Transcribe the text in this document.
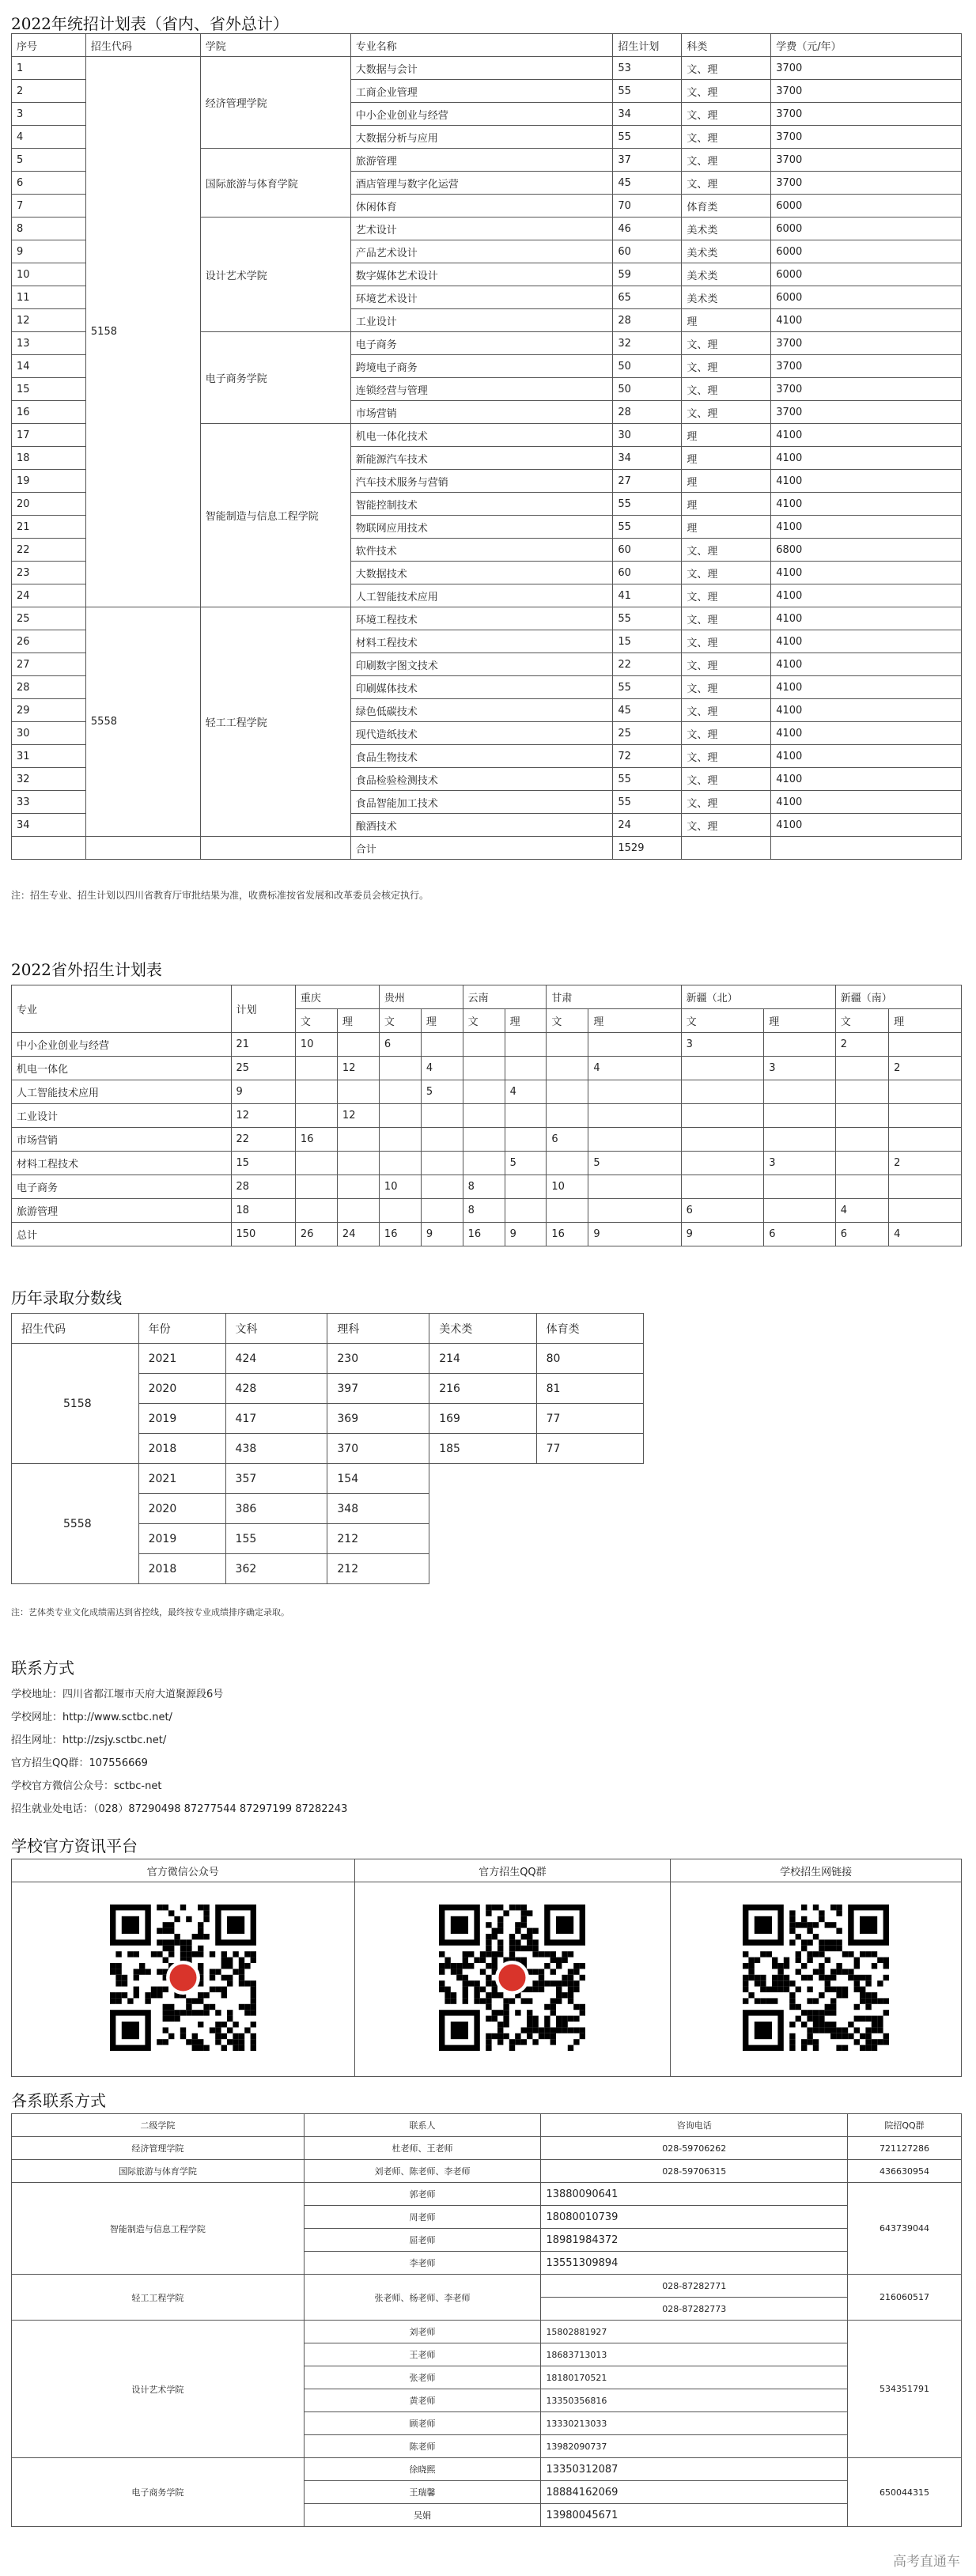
2022年统招计划表（省内、省外总计）
序号	招生代码	学院	专业名称	招生计划	科类	学费（元/年）
1	5158	经济管理学院	大数据与会计	53	文、理	3700
2			工商企业管理	55	文、理	3700
3			中小企业创业与经营	34	文、理	3700
4			大数据分析与应用	55	文、理	3700
5		国际旅游与体育学院	旅游管理	37	文、理	3700
6			酒店管理与数字化运营	45	文、理	3700
7			休闲体育	70	体育类	6000
8		设计艺术学院	艺术设计	46	美术类	6000
9			产品艺术设计	60	美术类	6000
10			数字媒体艺术设计	59	美术类	6000
11			环境艺术设计	65	美术类	6000
12			工业设计	28	理	4100
13		电子商务学院	电子商务	32	文、理	3700
14			跨境电子商务	50	文、理	3700
15			连锁经营与管理	50	文、理	3700
16			市场营销	28	文、理	3700
17		智能制造与信息工程学院	机电一体化技术	30	理	4100
18			新能源汽车技术	34	理	4100
19			汽车技术服务与营销	27	理	4100
20			智能控制技术	55	理	4100
21			物联网应用技术	55	理	4100
22			软件技术	60	文、理	6800
23			大数据技术	60	文、理	4100
24			人工智能技术应用	41	文、理	4100
25	5558	轻工工程学院	环境工程技术	55	文、理	4100
26			材料工程技术	15	文、理	4100
27			印刷数字图文技术	22	文、理	4100
28			印刷媒体技术	55	文、理	4100
29			绿色低碳技术	45	文、理	4100
30			现代造纸技术	25	文、理	4100
31			食品生物技术	72	文、理	4100
32			食品检验检测技术	55	文、理	4100
33			食品智能加工技术	55	文、理	4100
34			酿酒技术	24	文、理	4100
			合计	1529		
注：招生专业、招生计划以四川省教育厅审批结果为准，收费标准按省发展和改革委员会核定执行。
2022省外招生计划表
专业	计划	重庆		贵州		云南		甘肃		新疆（北）		新疆（南）	
		文	理	文	理	文	理	文	理	文	理	文	理
中小企业创业与经营	21	10		6						3		2	
机电一体化	25		12		4				4		3		2
人工智能技术应用	9				5		4						
工业设计	12		12										
市场营销	22	16						6					
材料工程技术	15						5		5		3		2
电子商务	28			10		8		10					
旅游管理	18					8				6		4	
总计	150	26	24	16	9	16	9	16	9	9	6	6	4
历年录取分数线
招生代码	年份	文科	理科	美术类	体育类
5158	2021	424	230	214	80
	2020	428	397	216	81
	2019	417	369	169	77
	2018	438	370	185	77
5558	2021	357	154		
	2020	386	348		
	2019	155	212		
	2018	362	212		
注：艺体类专业文化成绩需达到省控线，最终按专业成绩排序确定录取。
联系方式
学校地址：四川省都江堰市天府大道聚源段6号
学校网址：http://www.sctbc.net/
招生网址：http://zsjy.sctbc.net/
官方招生QQ群：107556669
学校官方微信公众号：sctbc-net
招生就业处电话：（028）87290498 87277544 87297199 87282243
学校官方资讯平台
官方微信公众号	官方招生QQ群	学校招生网链接

各系联系方式
二级学院	联系人	咨询电话	院招QQ群
经济管理学院	杜老师、王老师	028-59706262	721127286
国际旅游与体育学院	刘老师、陈老师、李老师	028-59706315	436630954
智能制造与信息工程学院	郭老师	13880090641	643739044
	周老师	18080010739	
	屈老师	18981984372	
	李老师	13551309894	
轻工工程学院	张老师、杨老师、李老师	028-87282771	216060517
		028-87282773	
设计艺术学院	刘老师	15802881927	534351791
	王老师	18683713013	
	张老师	18180170521	
	黄老师	13350356816	
	顾老师	13330213033	
	陈老师	13982090737	
电子商务学院	徐晓熙	13350312087	650044315
	王瑞馨	18884162069	
	吴娟	13980045671	
高考直通车
